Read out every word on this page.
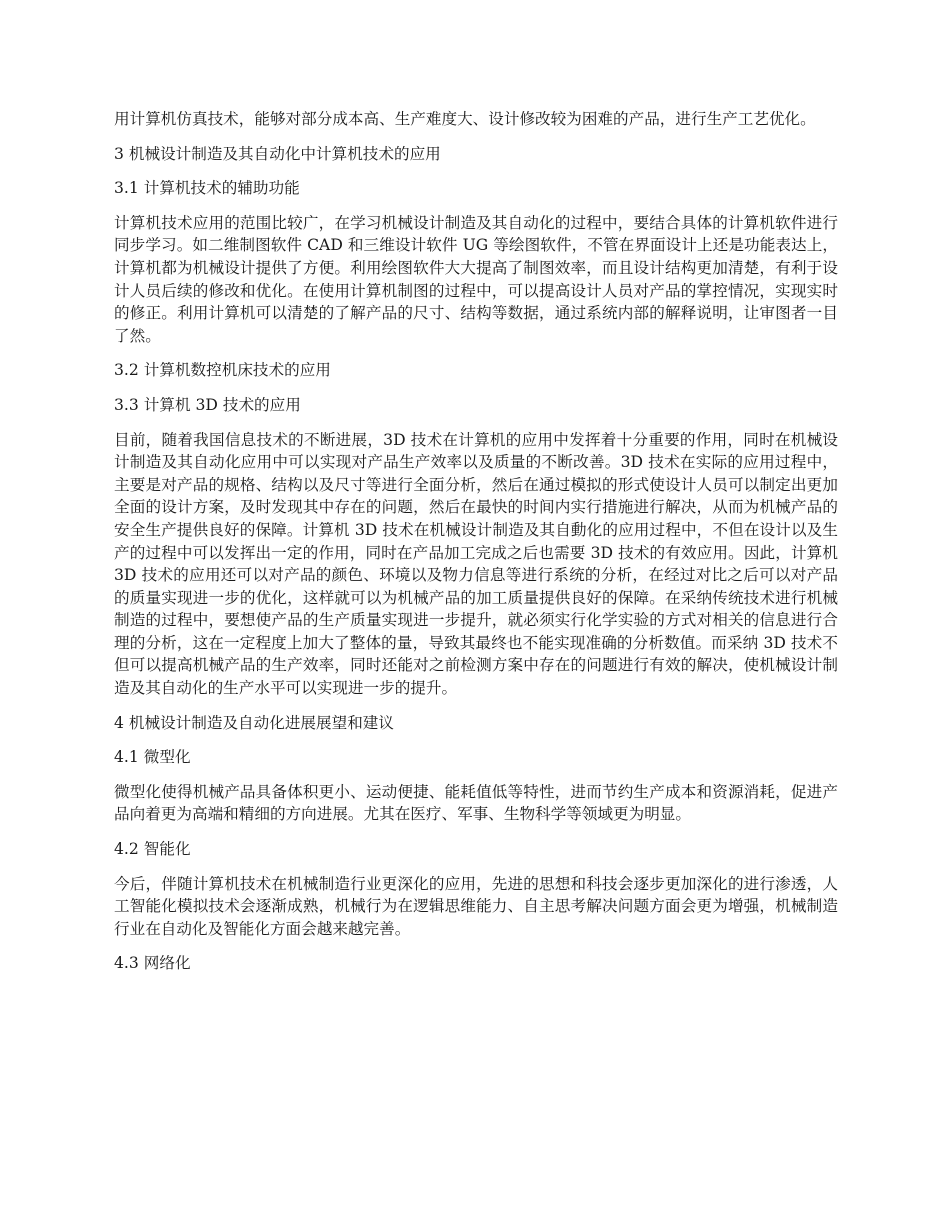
用计算机仿真技术，能够对部分成本高、生产难度大、设计修改较为困难的产品，进行生产工艺优化。

3 机械设计制造及其自动化中计算机技术的应用

3.1 计算机技术的辅助功能

计算机技术应用的范围比较广，在学习机械设计制造及其自动化的过程中，要结合具体的计算机软件进行同步学习。如二维制图软件 CAD 和三维设计软件 UG 等绘图软件，不管在界面设计上还是功能表达上，计算机都为机械设计提供了方便。利用绘图软件大大提高了制图效率，而且设计结构更加清楚，有利于设计人员后续的修改和优化。在使用计算机制图的过程中，可以提高设计人员对产品的掌控情况，实现实时的修正。利用计算机可以清楚的了解产品的尺寸、结构等数据，通过系统内部的解释说明，让审图者一目了然。

3.2 计算机数控机床技术的应用

3.3 计算机 3D 技术的应用

目前，随着我国信息技术的不断进展，3D 技术在计算机的应用中发挥着十分重要的作用，同时在机械设计制造及其自动化应用中可以实现对产品生产效率以及质量的不断改善。3D 技术在实际的应用过程中，主要是对产品的规格、结构以及尺寸等进行全面分析，然后在通过模拟的形式使设计人员可以制定出更加全面的设计方案，及时发现其中存在的问题，然后在最快的时间内实行措施进行解决，从而为机械产品的安全生产提供良好的保障。计算机 3D 技术在机械设计制造及其自動化的应用过程中，不但在设计以及生产的过程中可以发挥出一定的作用，同时在产品加工完成之后也需要 3D 技术的有效应用。因此，计算机 3D 技术的应用还可以对产品的颜色、环境以及物力信息等进行系统的分析，在经过对比之后可以对产品的质量实现进一步的优化，这样就可以为机械产品的加工质量提供良好的保障。在采纳传统技术进行机械制造的过程中，要想使产品的生产质量实现进一步提升，就必须实行化学实验的方式对相关的信息进行合理的分析，这在一定程度上加大了整体的量，导致其最终也不能实现准确的分析数值。而采纳 3D 技术不但可以提高机械产品的生产效率，同时还能对之前检测方案中存在的问题进行有效的解决，使机械设计制造及其自动化的生产水平可以实现进一步的提升。

4 机械设计制造及自动化进展展望和建议

4.1 微型化

微型化使得机械产品具备体积更小、运动便捷、能耗值低等特性，进而节约生产成本和资源消耗，促进产品向着更为高端和精细的方向进展。尤其在医疗、军事、生物科学等领域更为明显。

4.2 智能化

今后，伴随计算机技术在机械制造行业更深化的应用，先进的思想和科技会逐步更加深化的进行渗透，人工智能化模拟技术会逐渐成熟，机械行为在逻辑思维能力、自主思考解决问题方面会更为增强，机械制造行业在自动化及智能化方面会越来越完善。

4.3 网络化
